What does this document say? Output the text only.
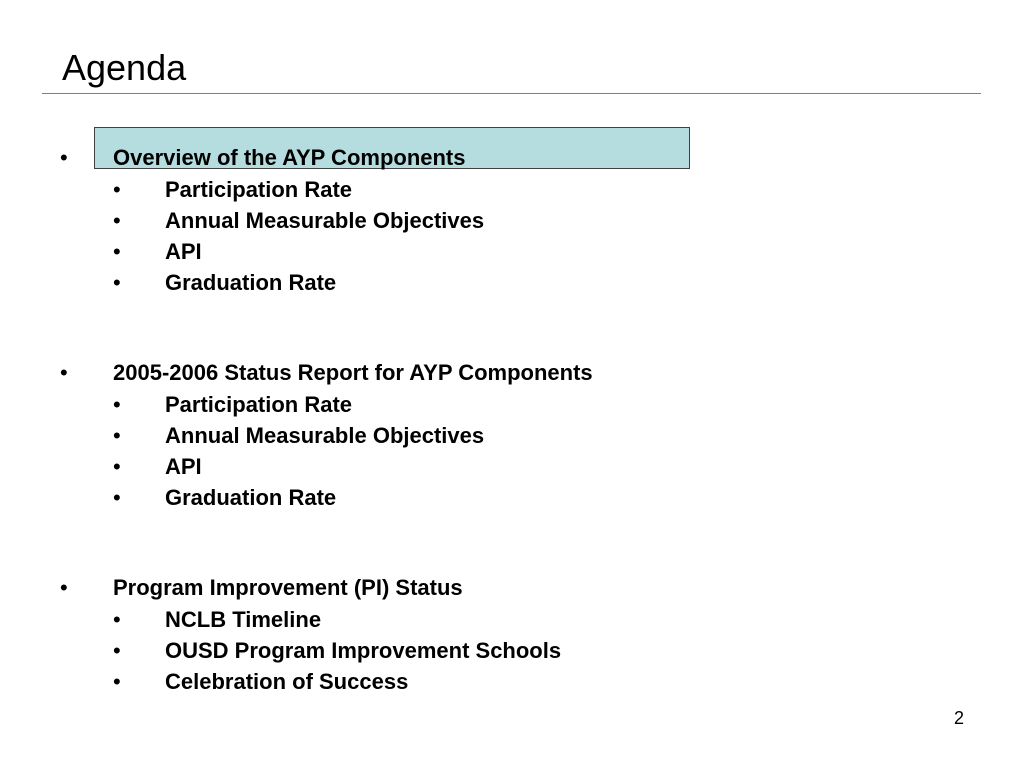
Agenda
• Overview of the AYP Components
• Participation Rate
• Annual Measurable Objectives
• API
• Graduation Rate
• 2005-2006 Status Report for AYP Components
• Participation Rate
• Annual Measurable Objectives
• API
• Graduation Rate
• Program Improvement (PI) Status
• NCLB Timeline
• OUSD Program Improvement Schools
• Celebration of Success
2
